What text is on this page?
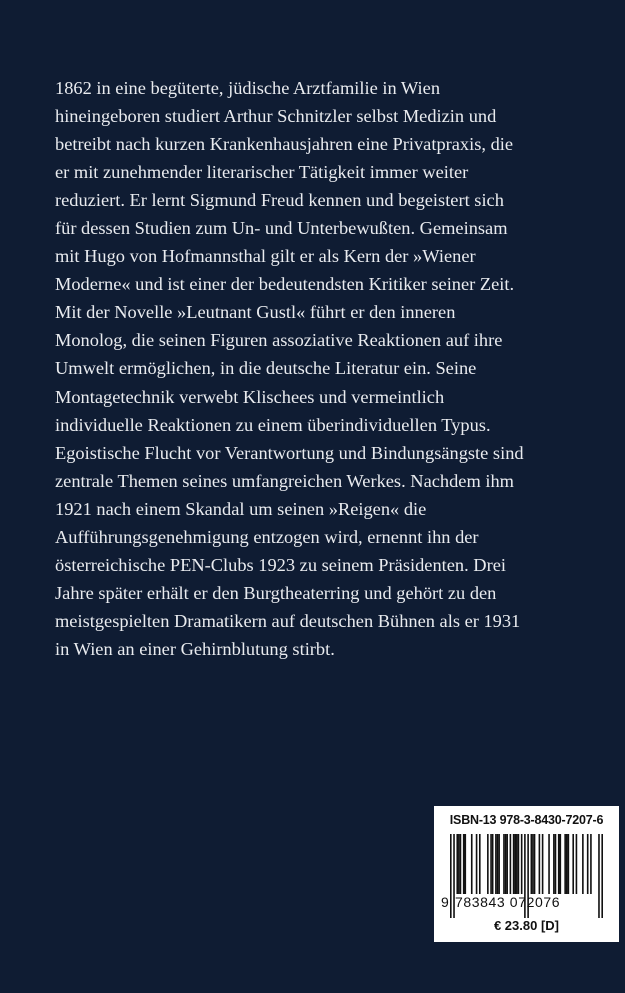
1862 in eine begüterte, jüdische Arztfamilie in Wien
hineingeboren studiert Arthur Schnitzler selbst Medizin und
betreibt nach kurzen Krankenhausjahren eine Privatpraxis, die
er mit zunehmender literarischer Tätigkeit immer weiter
reduziert. Er lernt Sigmund Freud kennen und begeistert sich
für dessen Studien zum Un- und Unterbewußten. Gemeinsam
mit Hugo von Hofmannsthal gilt er als Kern der »Wiener
Moderne« und ist einer der bedeutendsten Kritiker seiner Zeit.
Mit der Novelle »Leutnant Gustl« führt er den inneren
Monolog, die seinen Figuren assoziative Reaktionen auf ihre
Umwelt ermöglichen, in die deutsche Literatur ein. Seine
Montagetechnik verwebt Klischees und vermeintlich
individuelle Reaktionen zu einem überindividuellen Typus.
Egoistische Flucht vor Verantwortung und Bindungsängste sind
zentrale Themen seines umfangreichen Werkes. Nachdem ihm
1921 nach einem Skandal um seinen »Reigen« die
Aufführungsgenehmigung entzogen wird, ernennt ihn der
österreichische PEN-Clubs 1923 zu seinem Präsidenten. Drei
Jahre später erhält er den Burgtheaterring und gehört zu den
meistgespielten Dramatikern auf deutschen Bühnen als er 1931
in Wien an einer Gehirnblutung stirbt.
ISBN-13 978-3-8430-7207-6
9 783843 072076
€ 23.80 [D]
